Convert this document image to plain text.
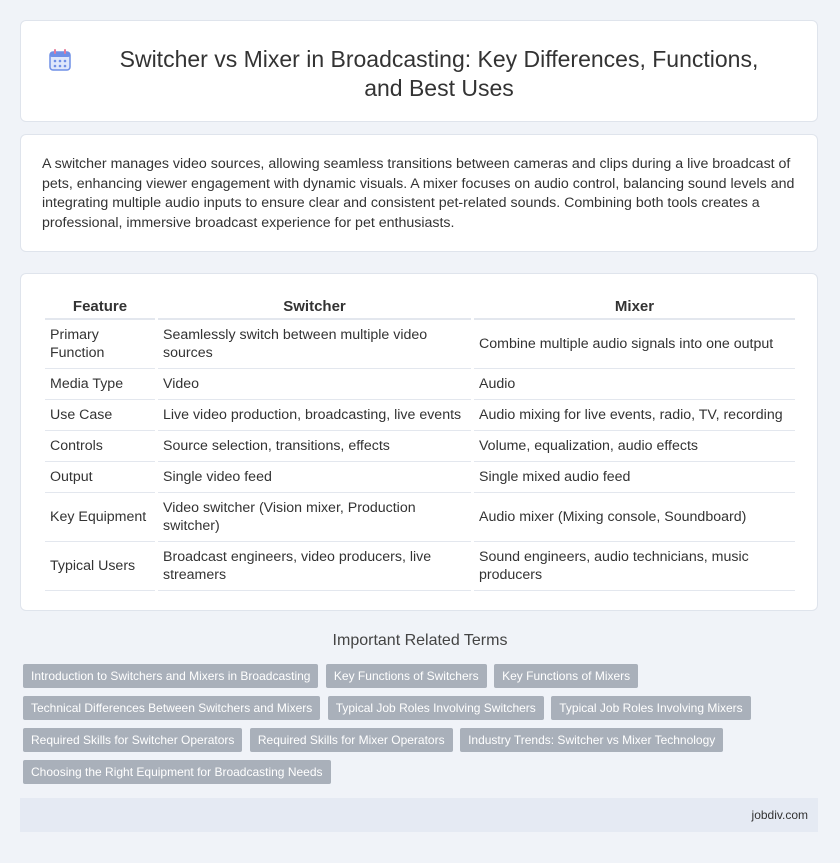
Switcher vs Mixer in Broadcasting: Key Differences, Functions, and Best Uses

A switcher manages video sources, allowing seamless transitions between cameras and clips during a live broadcast of pets, enhancing viewer engagement with dynamic visuals. A mixer focuses on audio control, balancing sound levels and integrating multiple audio inputs to ensure clear and consistent pet-related sounds. Combining both tools creates a professional, immersive broadcast experience for pet enthusiasts.

Feature	Switcher	Mixer
Primary Function	Seamlessly switch between multiple video sources	Combine multiple audio signals into one output
Media Type	Video	Audio
Use Case	Live video production, broadcasting, live events	Audio mixing for live events, radio, TV, recording
Controls	Source selection, transitions, effects	Volume, equalization, audio effects
Output	Single video feed	Single mixed audio feed
Key Equipment	Video switcher (Vision mixer, Production switcher)	Audio mixer (Mixing console, Soundboard)
Typical Users	Broadcast engineers, video producers, live streamers	Sound engineers, audio technicians, music producers
Important Related Terms
Introduction to Switchers and Mixers in Broadcasting Key Functions of Switchers Key Functions of Mixers
Technical Differences Between Switchers and Mixers Typical Job Roles Involving Switchers Typical Job Roles Involving Mixers
Required Skills for Switcher Operators Required Skills for Mixer Operators Industry Trends: Switcher vs Mixer Technology
Choosing the Right Equipment for Broadcasting Needs
jobdiv.com
